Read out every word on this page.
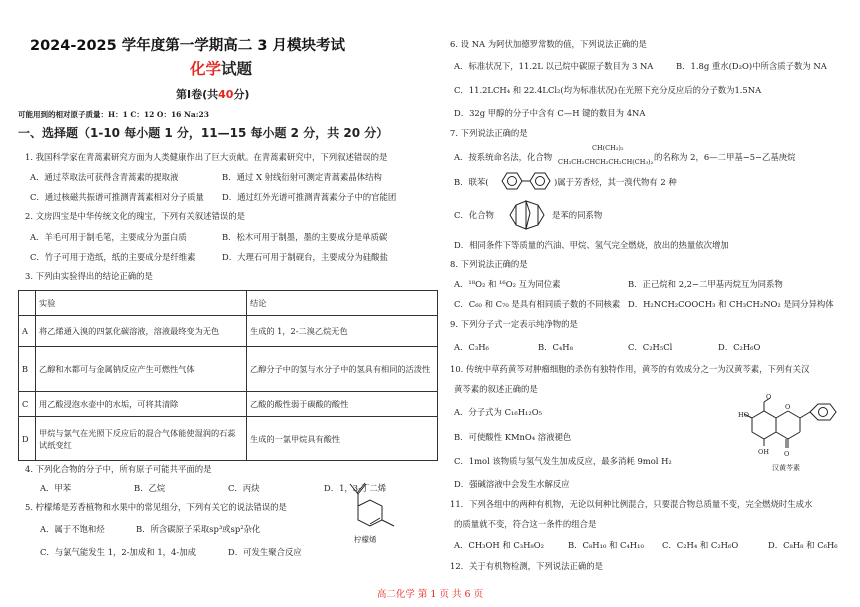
2024-2025 学年度第一学期高二 3 月模块考试
化学试题
第Ⅰ卷(共40分)
可能用到的相对原子质量：H：1 C：12 O：16 Na:23
一、选择题（1-10 每小题 1 分，11—15 每小题 2 分，共 20 分）
1. 我国科学家在青蒿素研究方面为人类健康作出了巨大贡献。在青蒿素研究中，下列叙述错误的是
A．通过萃取法可获得含青蒿素的提取液	B．通过 X 射线衍射可测定青蒿素晶体结构
C．通过核磁共振谱可推测青蒿素相对分子质量 D．通过红外光谱可推测青蒿素分子中的官能团
2. 文房四宝是中华传统文化的瑰宝，下列有关叙述错误的是
A．羊毛可用于制毛笔，主要成分为蛋白质	B．松木可用于制墨，墨的主要成分是单质碳
C．竹子可用于造纸，纸的主要成分是纤维素	D．大理石可用于制砚台，主要成分为硅酸盐
3. 下列由实验得出的结论正确的是
	实验	结论
A	将乙烯通入溴的四氯化碳溶液，溶液最终变为无色	生成的 1，2-二溴乙烷无色
B	乙醇和水都可与金属钠反应产生可燃性气体	乙醇分子中的氢与水分子中的氢具有相同的活泼性
C	用乙酸浸泡水壶中的水垢，可将其清除	乙酸的酸性弱于碳酸的酸性
D	甲烷与氯气在光照下反应后的混合气体能使湿润的石蕊试纸变红	生成的一氯甲烷具有酸性
4. 下列化合物的分子中，所有原子可能共平面的是
A．甲苯	B．乙烷	C．丙炔	D．1，3-丁二烯
5. 柠檬烯是芳香植物和水果中的常见组分，下列有关它的说法错误的是
A．属于不饱和烃	B．所含碳原子采取sp³或sp²杂化
C．与氯气能发生 1，2-加成和 1，4-加成	D．可发生聚合反应
柠檬烯
6. 设 NA 为阿伏加德罗常数的值，下列说法正确的是
A．标准状况下，11.2L 以己烷中碳原子数目为 3 NA	B．1.8g 重水(D₂O)中所含质子数为 NA
C．11.2LCH₄ 和 22.4LCl₂(均为标准状况)在光照下充分反应后的分子数为1.5NA
D．32g 甲醇的分子中含有 C—H 键的数目为 4NA
7. 下列说法正确的是
A．按系统命名法，化合物
CH(CH₃)₂
CH₃CH₂CHCH₂CH₂CH(CH₃)₂ 的名称为 2，6—二甲基−5−乙基庚烷
B．联苯(	)属于芳香烃，其一溴代物有 2 种
C．化合物	是苯的同系物
D．相同条件下等质量的汽油、甲烷、氢气完全燃烧，放出的热量依次增加
8. 下列说法正确的是
A．¹⁸O₂ 和 ¹⁶O₂ 互为同位素	B．正己烷和 2,2−二甲基丙烷互为同系物
C．C₆₀ 和 C₇₀ 是具有相同质子数的不同核素 D．H₂NCH₂COOCH₃ 和 CH₃CH₂NO₂ 是同分异构体
9. 下列分子式一定表示纯净物的是
A．C₃H₆	B．C₄H₈	C．C₂H₅Cl	D．C₂H₆O
10. 传统中草药黄芩对肿瘤细胞的杀伤有独特作用，黄芩的有效成分之一为汉黄芩素，下列有关汉
黄芩素的叙述正确的是
A．分子式为 C₁₆H₁₂O₅
B．可使酸性 KMnO₄ 溶液褪色
C．1mol 该物质与氢气发生加成反应，最多消耗 9mol H₂
D．强碱溶液中会发生水解反应
O
O
HO
OH O
汉黄芩素
11．下列各组中的两种有机物，无论以何种比例混合，只要混合物总质量不变，完全燃烧时生成水
的质量就不变，符合这一条件的组合是
A．CH₃OH 和 C₃H₈O₂	B．C₈H₁₀ 和 C₄H₁₀ C．C₂H₄ 和 C₂H₆O	D．C₈H₈ 和 C₆H₆
12．关于有机物检测，下列说法正确的是
高二化学 第 1 页 共 6 页
